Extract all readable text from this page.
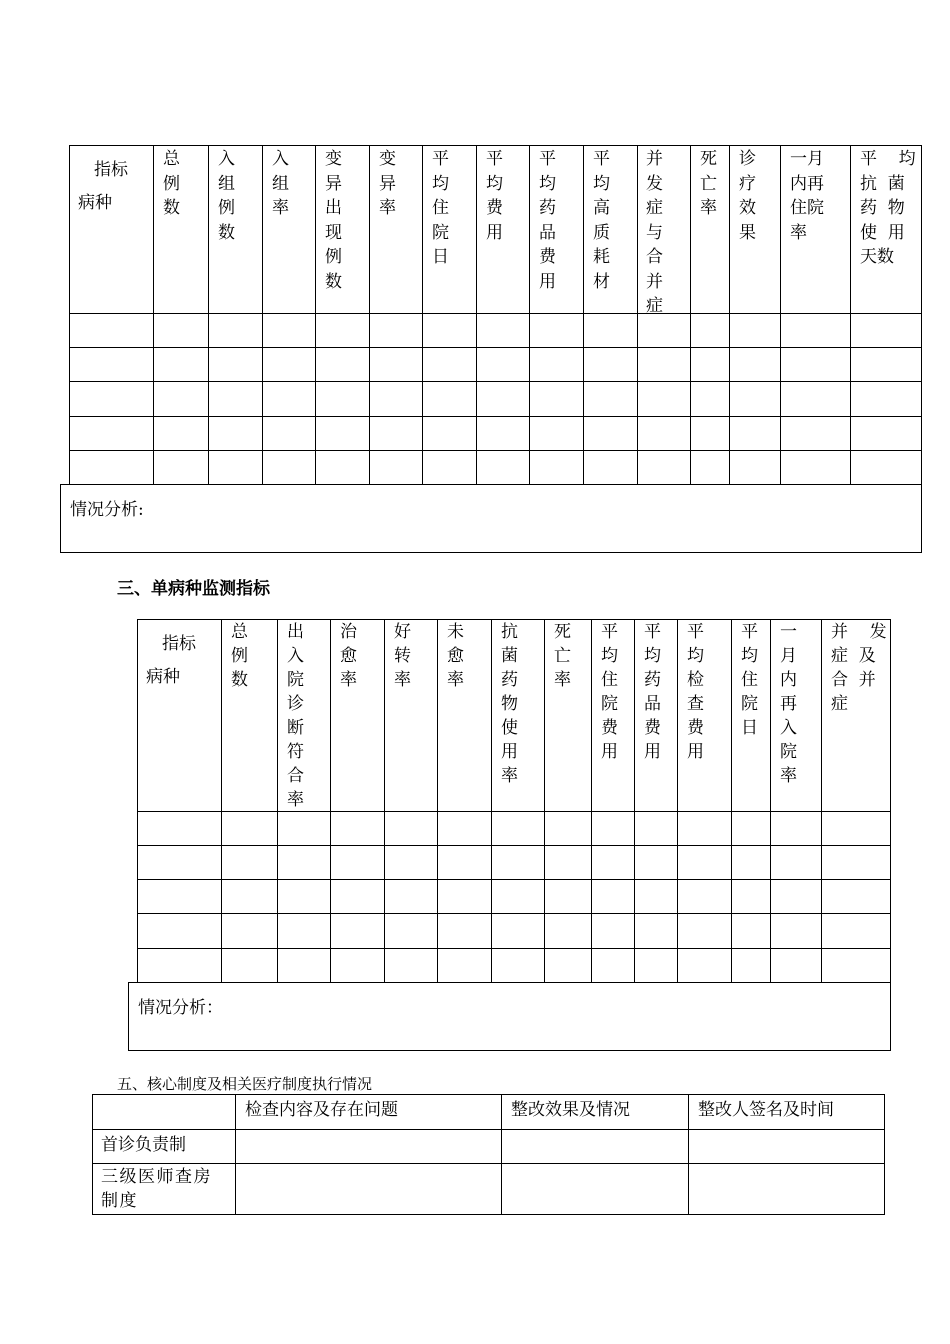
指标
病种
总
例
数
入
组
例
数
入
组
率
变
异
出
现
例
数
变
异
率
平
均
住
院
日
平
均
费
用
平
均
药
品
费
用
平
均
高
质
耗
材
并
发
症
与
合
并
症
死
亡
率
诊
疗
效
果
一月
内再
住院
率
平    均
抗  菌
药  物
使  用
天数
情况分析:
三、单病种监测指标
指标
病种
总
例
数
出
入
院
诊
断
符
合
率
治
愈
率
好
转
率
未
愈
率
抗
菌
药
物
使
用
率
死
亡
率
平
均
住
院
费
用
平
均
药
品
费
用
平
均
检
查
费
用
平
均
住
院
日
一
月
内
再
入
院
率
并    发
症  及
合  并
症
情况分析：
五、核心制度及相关医疗制度执行情况
检查内容及存在问题	整改效果及情况	整改人签名及时间
首诊负责制
三级医师查房
制度
